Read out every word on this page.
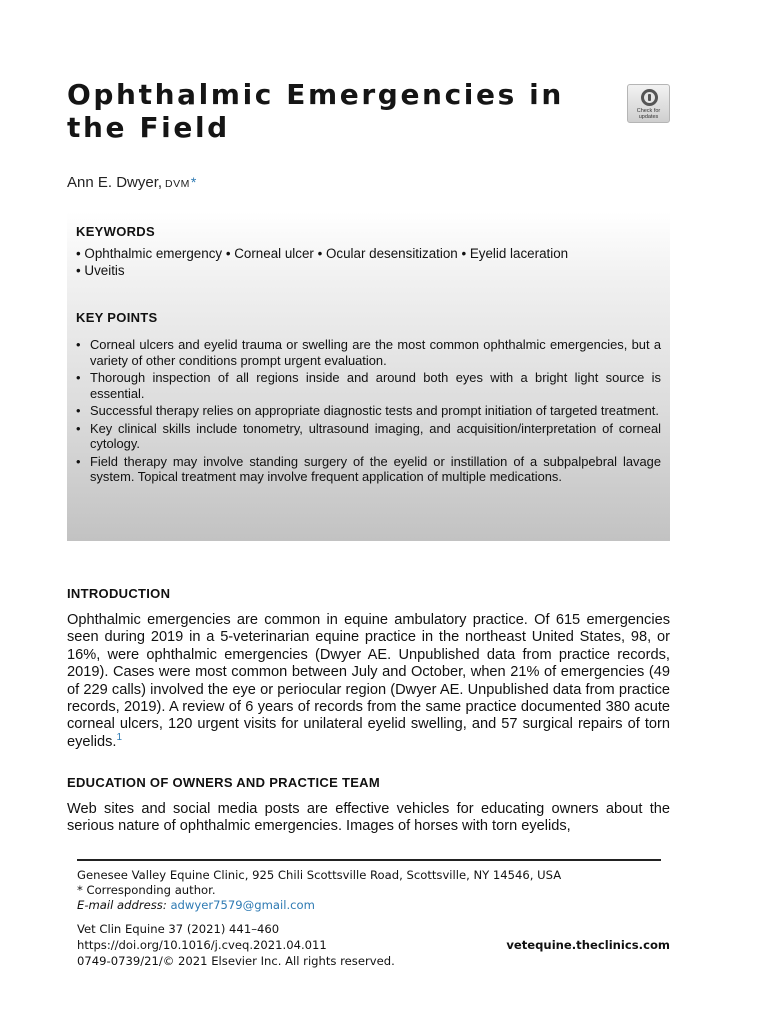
Ophthalmic Emergencies in
the Field	Check for
updates
Ann E. Dwyer, DVM*
KEYWORDS
• Ophthalmic emergency • Corneal ulcer • Ocular desensitization • Eyelid laceration
• Uveitis
KEY POINTS
• Corneal ulcers and eyelid trauma or swelling are the most common ophthalmic emergencies, but a variety of other conditions prompt urgent evaluation.
• Thorough inspection of all regions inside and around both eyes with a bright light source is essential.
• Successful therapy relies on appropriate diagnostic tests and prompt initiation of targeted treatment.
• Key clinical skills include tonometry, ultrasound imaging, and acquisition/interpretation of corneal cytology.
• Field therapy may involve standing surgery of the eyelid or instillation of a subpalpebral lavage system. Topical treatment may involve frequent application of multiple medications.
INTRODUCTION

Ophthalmic emergencies are common in equine ambulatory practice. Of 615 emergencies seen during 2019 in a 5-veterinarian equine practice in the northeast United States, 98, or 16%, were ophthalmic emergencies (Dwyer AE. Unpublished data from practice records, 2019). Cases were most common between July and October, when 21% of emergencies (49 of 229 calls) involved the eye or periocular region (Dwyer AE. Unpublished data from practice records, 2019). A review of 6 years of records from the same practice documented 380 acute corneal ulcers, 120 urgent visits for unilateral eyelid swelling, and 57 surgical repairs of torn eyelids.$^1$

EDUCATION OF OWNERS AND PRACTICE TEAM

Web sites and social media posts are effective vehicles for educating owners about the serious nature of ophthalmic emergencies. Images of horses with torn eyelids,

Genesee Valley Equine Clinic, 925 Chili Scottsville Road, Scottsville, NY 14546, USA
* Corresponding author.
E-mail address: adwyer7579@gmail.com
Vet Clin Equine 37 (2021) 441–460
https://doi.org/10.1016/j.cveq.2021.04.011	vetequine.theclinics.com
0749-0739/21/© 2021 Elsevier Inc. All rights reserved.
